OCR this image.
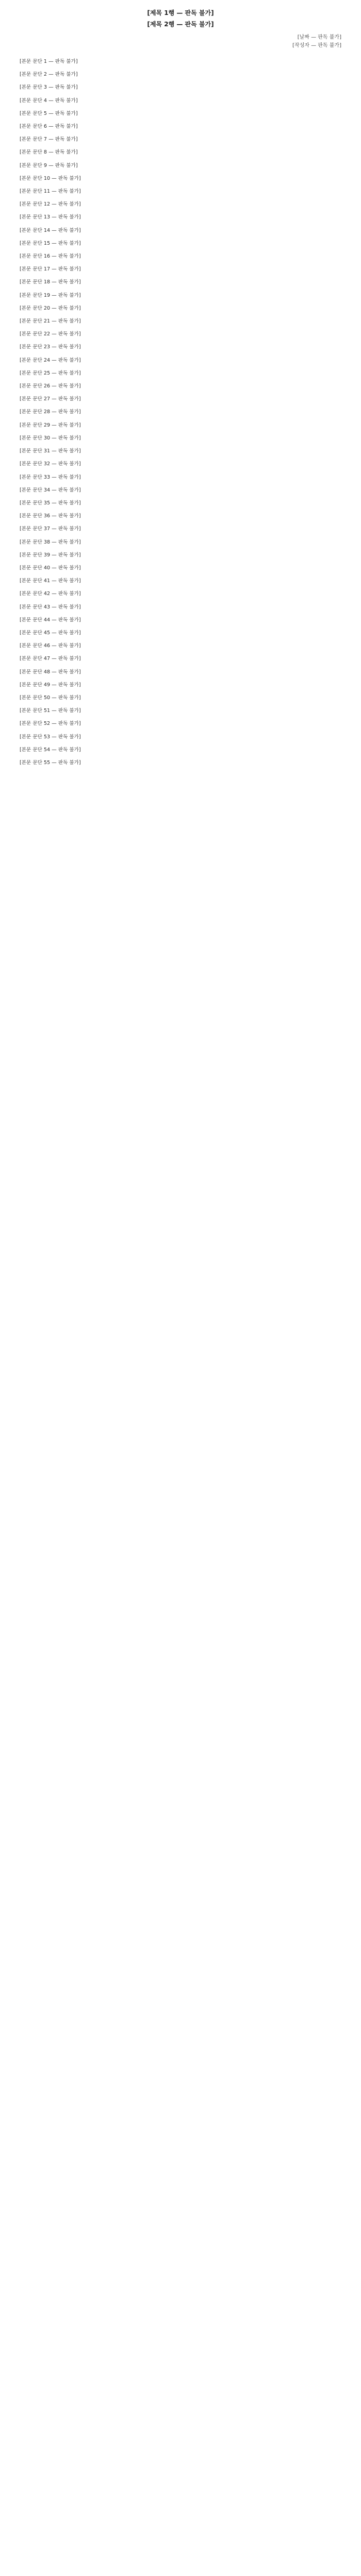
[제목 1행 — 판독 불가]
[제목 2행 — 판독 불가]
[날짜 — 판독 불가]
[작성자 — 판독 불가]

[본문 문단 1 — 판독 불가]

[본문 문단 2 — 판독 불가]

[본문 문단 3 — 판독 불가]

[본문 문단 4 — 판독 불가]

[본문 문단 5 — 판독 불가]

[본문 문단 6 — 판독 불가]

[본문 문단 7 — 판독 불가]

[본문 문단 8 — 판독 불가]

[본문 문단 9 — 판독 불가]

[본문 문단 10 — 판독 불가]

[본문 문단 11 — 판독 불가]

[본문 문단 12 — 판독 불가]

[본문 문단 13 — 판독 불가]

[본문 문단 14 — 판독 불가]

[본문 문단 15 — 판독 불가]

[본문 문단 16 — 판독 불가]

[본문 문단 17 — 판독 불가]

[본문 문단 18 — 판독 불가]

[본문 문단 19 — 판독 불가]

[본문 문단 20 — 판독 불가]

[본문 문단 21 — 판독 불가]

[본문 문단 22 — 판독 불가]

[본문 문단 23 — 판독 불가]

[본문 문단 24 — 판독 불가]

[본문 문단 25 — 판독 불가]

[본문 문단 26 — 판독 불가]

[본문 문단 27 — 판독 불가]

[본문 문단 28 — 판독 불가]

[본문 문단 29 — 판독 불가]

[본문 문단 30 — 판독 불가]

[본문 문단 31 — 판독 불가]

[본문 문단 32 — 판독 불가]

[본문 문단 33 — 판독 불가]

[본문 문단 34 — 판독 불가]

[본문 문단 35 — 판독 불가]

[본문 문단 36 — 판독 불가]

[본문 문단 37 — 판독 불가]

[본문 문단 38 — 판독 불가]

[본문 문단 39 — 판독 불가]

[본문 문단 40 — 판독 불가]

[본문 문단 41 — 판독 불가]

[본문 문단 42 — 판독 불가]

[본문 문단 43 — 판독 불가]

[본문 문단 44 — 판독 불가]

[본문 문단 45 — 판독 불가]

[본문 문단 46 — 판독 불가]

[본문 문단 47 — 판독 불가]

[본문 문단 48 — 판독 불가]

[본문 문단 49 — 판독 불가]

[본문 문단 50 — 판독 불가]

[본문 문단 51 — 판독 불가]

[본문 문단 52 — 판독 불가]

[본문 문단 53 — 판독 불가]

[본문 문단 54 — 판독 불가]

[본문 문단 55 — 판독 불가]
